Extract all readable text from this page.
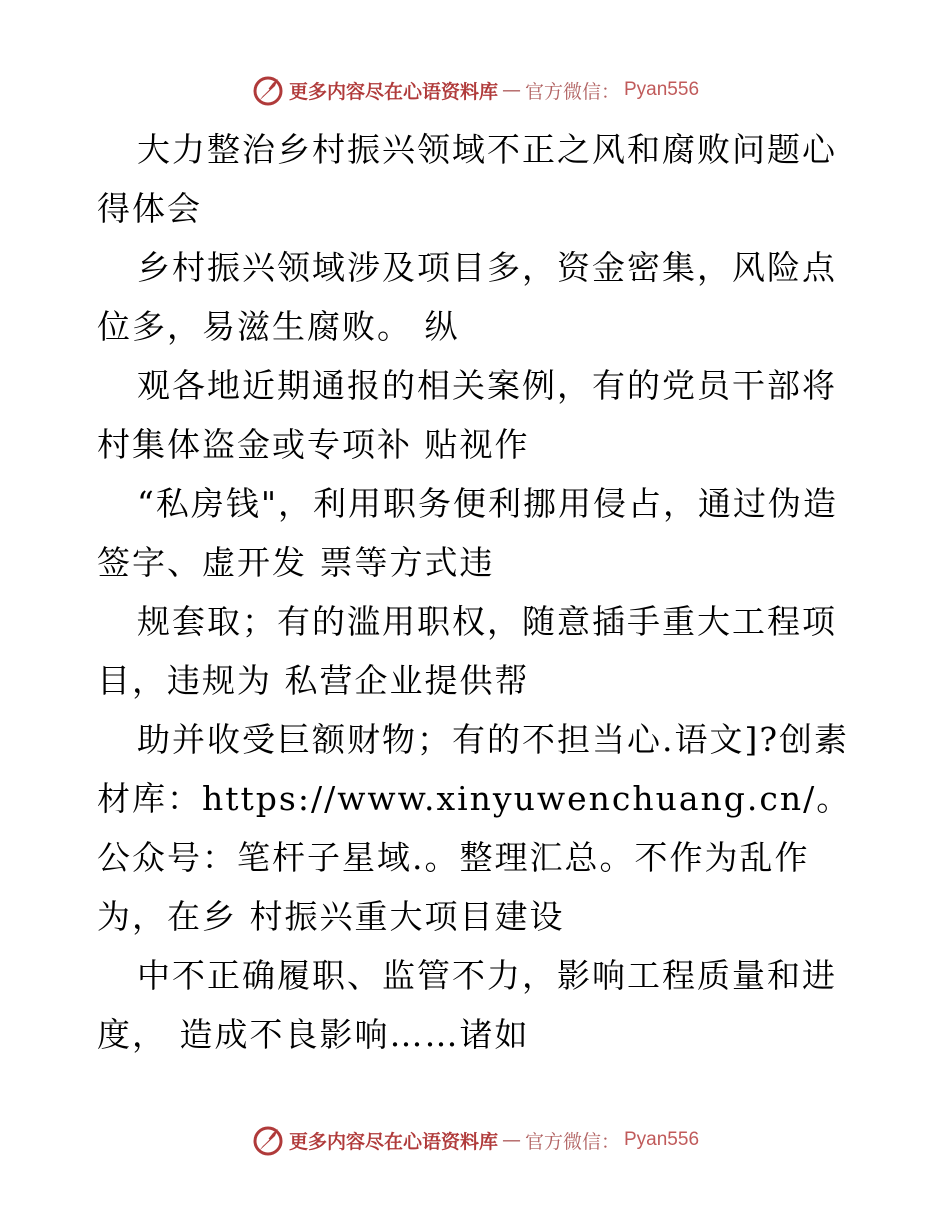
更多内容尽在心语资料库 — 官方微信： Pyan556

大力整治乡村振兴领域不正之风和腐败问题心得体会

乡村振兴领域涉及项目多，资金密集，风险点位多，易滋生腐败。 纵

观各地近期通报的相关案例，有的党员干部将村集体盗金或专项补 贴视作

“私房钱"，利用职务便利挪用侵占，通过伪造签字、虚开发 票等方式违

规套取；有的滥用职权，随意插手重大工程项目，违规为 私营企业提供帮

助并收受巨额财物；有的不担当心.语文]?创素材库：https://www.xinyuwenchuang.cn/。公众号：笔杆子星域.。整理汇总。不作为乱作为，在乡 村振兴重大项目建设

中不正确履职、监管不力，影响工程质量和进度， 造成不良影响……诸如

更多内容尽在心语资料库 — 官方微信： Pyan556
